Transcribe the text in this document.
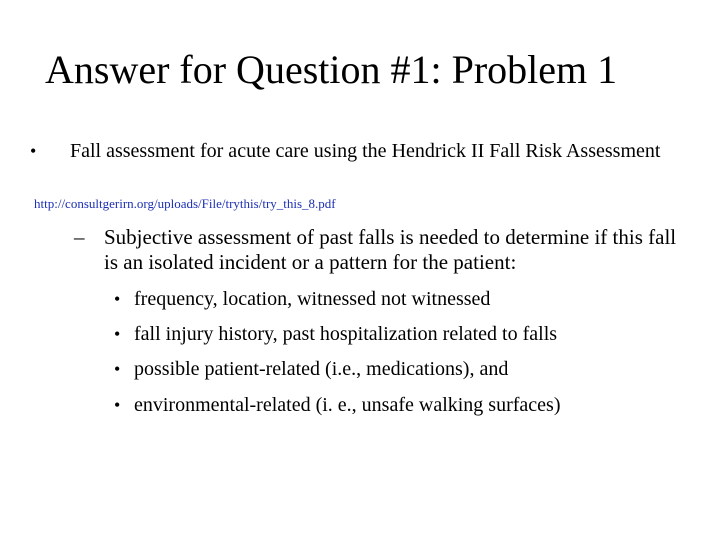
Answer for Question #1: Problem 1
• Fall assessment for acute care using the Hendrick II Fall Risk Assessment
http://consultgerirn.org/uploads/File/trythis/try_this_8.pdf
– Subjective assessment of past falls is needed to determine if this fall is an isolated incident or a pattern for the patient:
• frequency, location, witnessed not witnessed
• fall injury history, past hospitalization related to falls
• possible patient-related (i.e., medications), and
• environmental-related (i. e., unsafe walking surfaces)
